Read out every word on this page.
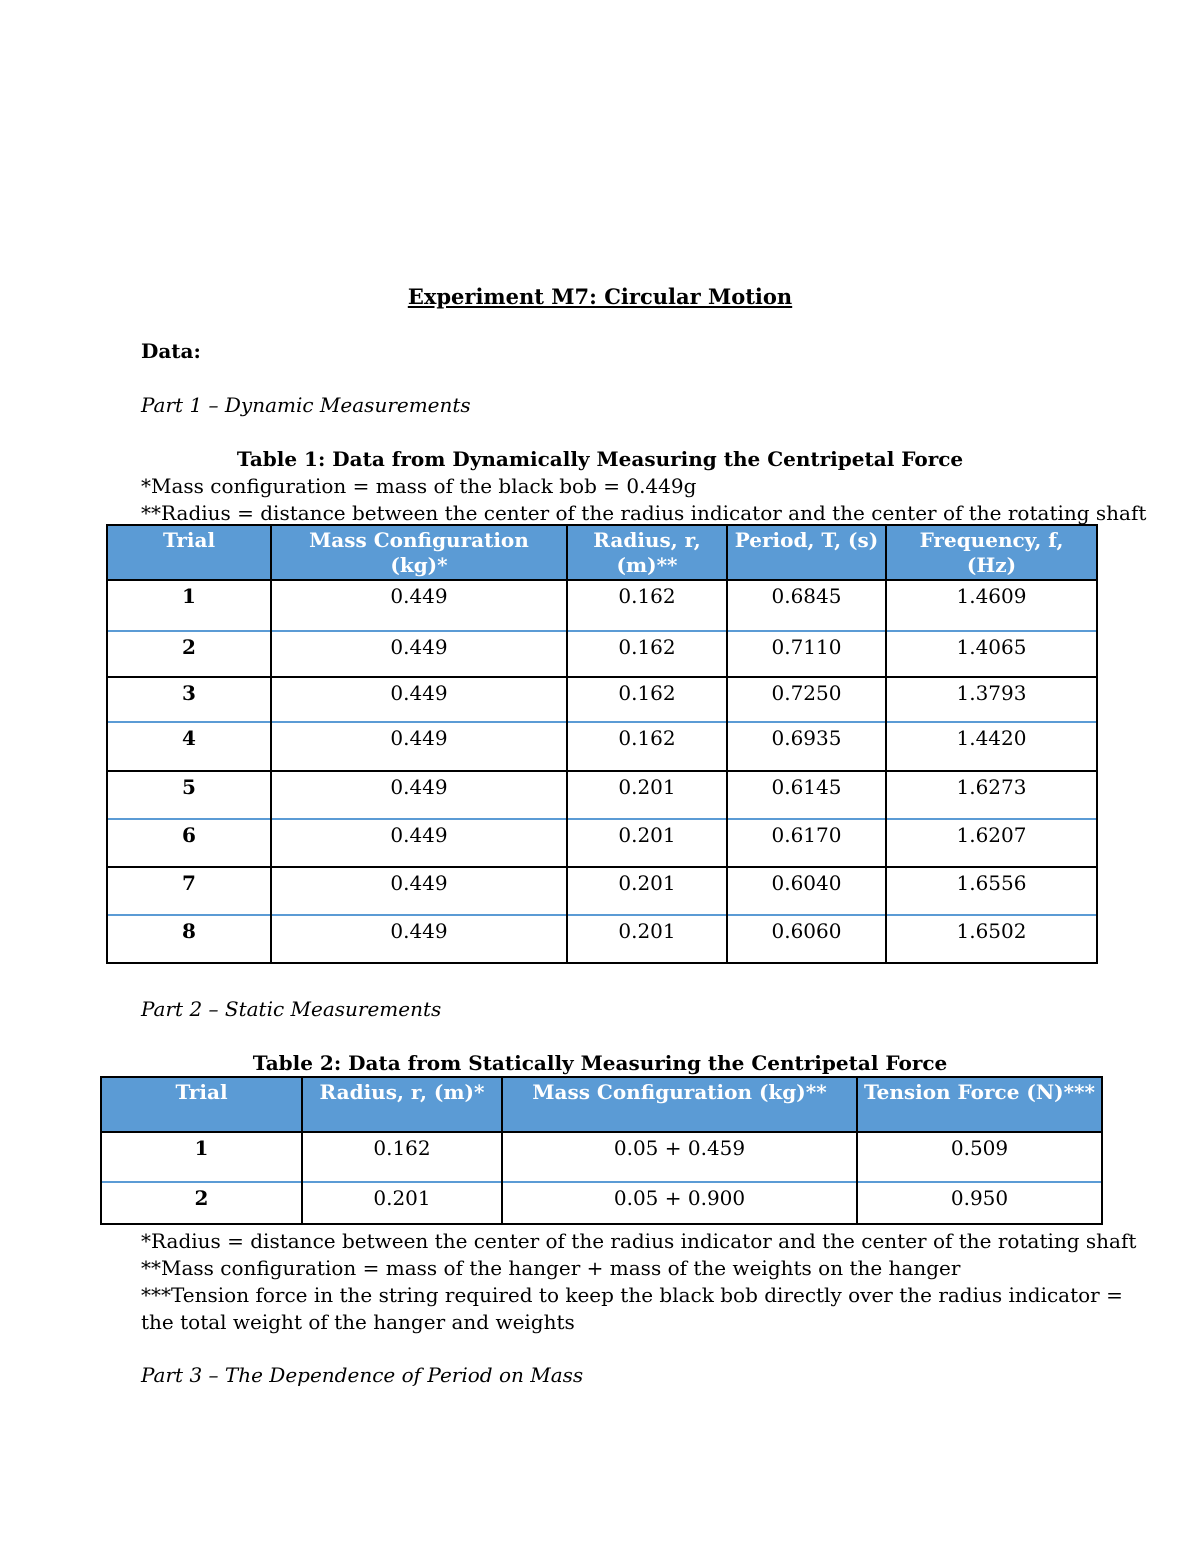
Experiment M7: Circular Motion
Data:
Part 1 – Dynamic Measurements
Table 1: Data from Dynamically Measuring the Centripetal Force
*Mass configuration = mass of the black bob = 0.449g
**Radius = distance between the center of the radius indicator and the center of the rotating shaft
Trial	Mass Configuration (kg)*	Radius, r, (m)**	Period, T, (s)	Frequency, f, (Hz)
1	0.449	0.162	0.6845	1.4609
2	0.449	0.162	0.7110	1.4065
3	0.449	0.162	0.7250	1.3793
4	0.449	0.162	0.6935	1.4420
5	0.449	0.201	0.6145	1.6273
6	0.449	0.201	0.6170	1.6207
7	0.449	0.201	0.6040	1.6556
8	0.449	0.201	0.6060	1.6502
Part 2 – Static Measurements
Table 2: Data from Statically Measuring the Centripetal Force
Trial	Radius, r, (m)*	Mass Configuration (kg)**	Tension Force (N)***
1	0.162	0.05 + 0.459	0.509
2	0.201	0.05 + 0.900	0.950
*Radius = distance between the center of the radius indicator and the center of the rotating shaft
**Mass configuration = mass of the hanger + mass of the weights on the hanger
***Tension force in the string required to keep the black bob directly over the radius indicator =
the total weight of the hanger and weights
Part 3 – The Dependence of Period on Mass
